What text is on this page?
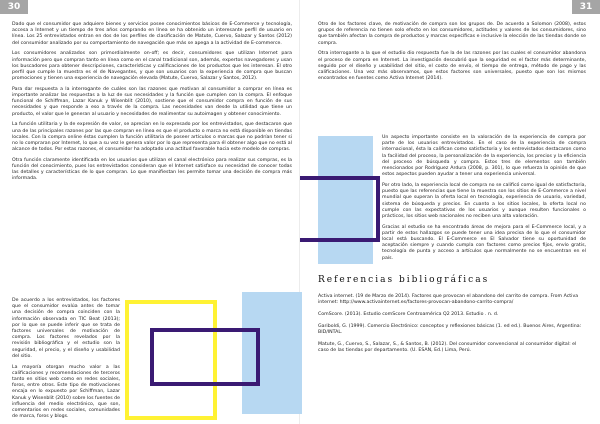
30

Dado que el consumidor que adquiere bienes y servicios posee conocimientos básicos de E-Commerce y tecnología, accesa a Internet y un tiempo de tres años comprando en línea se ha obtenido un interesante perfil de usuario en línea. Los 25 entrevistados entran en dos de los perfiles de clasificación de Matute, Cuervo, Salazar y Santos (2012) del consumidor analizado por su comportamiento de navegación que más se apega a la actividad de E-commerce.

Los consumidores analizados son primordialmente on-off; es decir, consumidores que utilizan Internet para información pero que compran tanto en línea como en el canal tradicional son, además, expertos navegadores y usan los buscadores para obtener descripciones, características y calificaciones de los productos que les interesan. El otro perfil que cumple la muestra es el de Navegantes, y que son usuarios con la experiencia de compra que buscan promociones y tienen una experiencia de navegación elevada (Matute, Cuervo, Salazar y Santos, 2012).

Para dar respuesta a la interrogante de cuáles son las razones que motivan al consumidor a comprar en línea es importante analizar las respuestas a la luz de sus necesidades y la función que cumplen con la compra. El enfoque funcional de Schiffman, Lazar Kanuk y Wisenblit (2010), sostiene que el consumidor compra en función de sus necesidades y que responde a eso a través de la compra. Las necesidades van desde la utilidad que tiene un producto, el valor que le generan al usuario y necesidades de realimentar su autoimagen y obtener conocimiento.

La función utilitaria y la de expresión de valor, se aprecian en lo expresado por los entrevistados, que destacaron que una de las principales razones por las que compran en línea es que el producto o marca no está disponible en tiendas locales. Con la compra online éstas cumplen la función utilitaria de poseer artículos o marcas que no podrían tener si no lo compraran por Internet, lo que a su vez le genera valor por lo que representa para él obtener algo que no está al alcance de todos. Por estas razones, el consumidor ha adoptado una actitud favorable hacia este modelo de compras.

Otra función claramente identificada en los usuarios que utilizan el canal electrónico para realizar sus compras, es la función del conocimiento, pues los entrevistados consideran que el Internet satisface su necesidad de conocer todas las detalles y características de lo que compran. Lo que manifiestan les permite tomar una decisión de compra más informada.

De acuerdo a los entrevistados, los factores que el consumidor evalúa antes de tomar una decisión de compra coinciden con la información observada en TIC Beat (2013); por lo que se puede inferir que se trata de factores universales de motivación de compra. Los factores revelados por la revisión bibliográfica y el estudio son la seguridad, el precio, y el diseño y usabilidad del sitio.

La mayoría otorgan mucho valor a las calificaciones y recomendaciones de terceros tanto en sitios web como en redes sociales, foros, entre otros. Este tipo de motivaciones encaja en lo expuesto por Schiffman, Lazar Kanuk y Wisenblit (2010) sobre los fuentes de influencia del medio electrónico, que son, comentarios en redes sociales, comunidades de marca, foros y blogs.

31

Otro de los factores clave, de motivación de compra son los grupos de. De acuerdo a Solomon (2008), estos grupos de referencia no tienen solo efecto en los consumidores, actitudes y valores de los consumidores, sino que también afectan la compra de productos y marcas específicas e inclusive la elección de las tiendas donde se compra.

Otra interrogante a la que el estudio dio respuesta fue la de las razones por las cuales el consumidor abandona el proceso de compra en Internet. La investigación descubrió que la seguridad es el factor más determinante, seguido por el diseño y usabilidad del sitio, el costo de envío, el tiempo de entrega, método de pago y las calificaciones. Una vez más observamos, que estos factores son universales, puesto que son los mismos encontrados en fuentes como Activa Internet (2014).

Un aspecto importante consiste en la valoración de la experiencia de compra por parte de los usuarios entrevistados. En el caso de la experiencia de compra internacional, ésta la califican como satisfactoria y los entrevistados destacaron como la facilidad del proceso, la personalización de la experiencia, los precios y la eficiencia del proceso de búsqueda y compra. Estos tres de elementos son también mencionados por Rodríguez Ardura (2008, p. 301), lo que refuerza la opinión de que estos aspectos pueden ayudar a tener una experiencia universal.

Por otro lado, la experiencia local de compra no se calificó como igual de satisfactoria, puesto que las referencias que tiene la muestra son los sitios de E-Commerce a nivel mundial que superan la oferta local en tecnología, experiencia de usuario, variedad, sistema de búsqueda y precios. En cuanto a los sitios locales, la oferta local no cumple con las expectativas de los usuarios y aunque resulten funcionales o prácticos, los sitios web nacionales no reciben una alta valoración.

Gracias al estudio se ha encontrado áreas de mejora para el E-Commerce local, y a partir de estos hallazgos se puede tener una idea precisa de lo que el consumidor local está buscando. El E-Commerce en El Salvador tiene su oportunidad de aceptación siempre y cuando cumpla con factores como precios fijos, envío gratis, tecnología de punta y acceso a artículos que normalmente no se encuentran en el país.

Referencias bibliográficas

Activa internet. (19 de Marzo de 2014). Factores que provocan el abandono del carrito de compra. From Activa internet: http://www.activainternet.es/factores-provocan-abandono-carrito-compra/

ComScore. (2013). Estudio comScore Centroamérica Q2 2013. Estudio . n. d.

Gariboldi, G. (1999). Comercio Electrónico: conceptos y reflexiones básicas (1. ed ed.). Buenos Aires, Argentina: BID/INTAL.

Matute, G., Cuervo, S., Salazar, S., & Santos, B. (2012). Del consumidor convencional al consumidor digital: el caso de las tiendas por departamento. (U. ESAN, Ed.) Lima, Perú.
